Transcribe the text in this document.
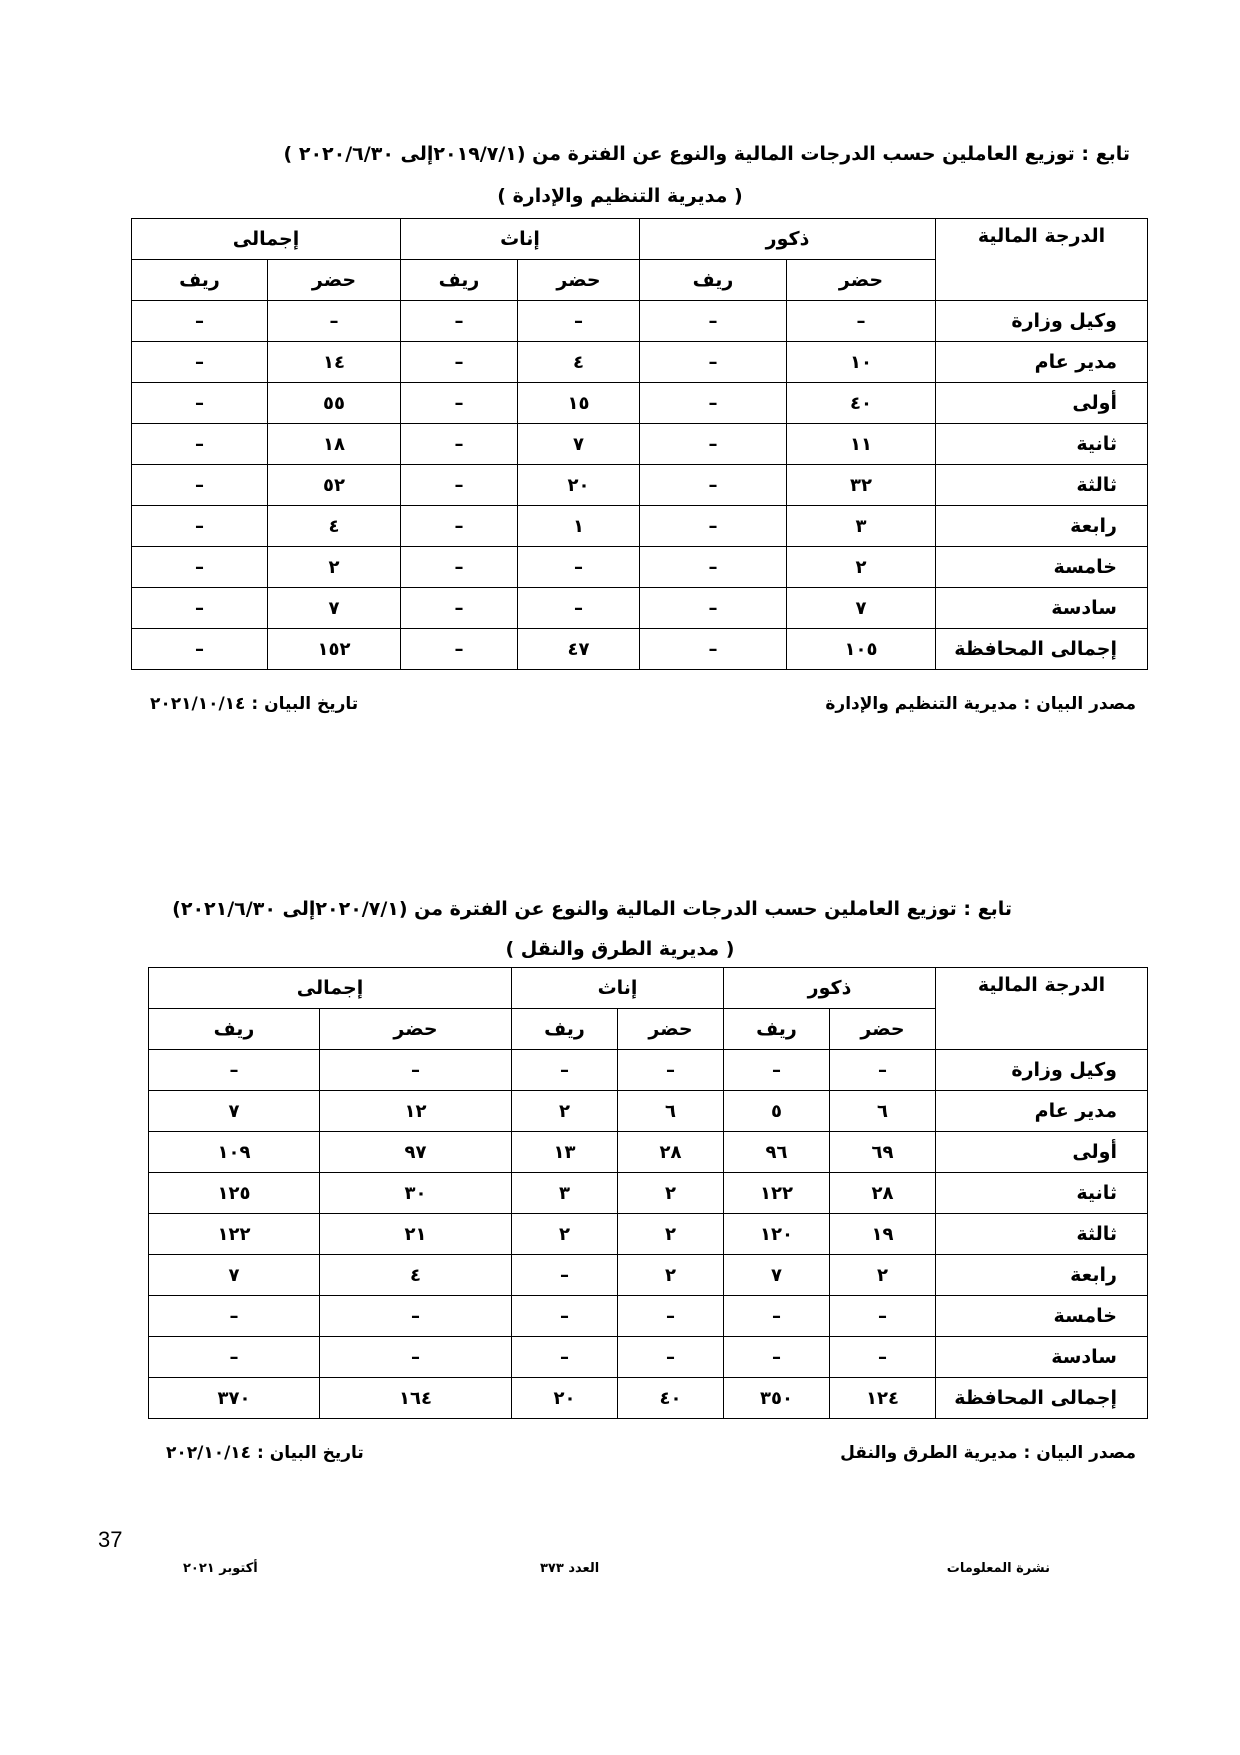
تابع : توزيع العاملين حسب الدرجات المالية والنوع عن الفترة من (٢٠١٩/٧/١إلى ٢٠٢٠/٦/٣٠ )
( مديرية التنظيم والإدارة )
الدرجة المالية	ذكور		إناث		إجمالى	
	حضر	ريف	حضر	ريف	حضر	ريف
وكيل وزارة	–	–	–	–	–	–
مدير عام	١٠	–	٤	–	١٤	–
أولى	٤٠	–	١٥	–	٥٥	–
ثانية	١١	–	٧	–	١٨	–
ثالثة	٣٢	–	٢٠	–	٥٢	–
رابعة	٣	–	١	–	٤	–
خامسة	٢	–	–	–	٢	–
سادسة	٧	–	–	–	٧	–
إجمالى المحافظة	١٠٥	–	٤٧	–	١٥٢	–
مصدر البيان : مديرية التنظيم والإدارة
تاريخ البيان : ٢٠٢١/١٠/١٤
تابع : توزيع العاملين حسب الدرجات المالية والنوع عن الفترة من (٢٠٢٠/٧/١إلى ٢٠٢١/٦/٣٠)
( مديرية الطرق والنقل )
الدرجة المالية	ذكور		إناث		إجمالى	
	حضر	ريف	حضر	ريف	حضر	ريف
وكيل وزارة	–	–	–	–	–	–
مدير عام	٦	٥	٦	٢	١٢	٧
أولى	٦٩	٩٦	٢٨	١٣	٩٧	١٠٩
ثانية	٢٨	١٢٢	٢	٣	٣٠	١٢٥
ثالثة	١٩	١٢٠	٢	٢	٢١	١٢٢
رابعة	٢	٧	٢	–	٤	٧
خامسة	–	–	–	–	–	–
سادسة	–	–	–	–	–	–
إجمالى المحافظة	١٢٤	٣٥٠	٤٠	٢٠	١٦٤	٣٧٠
مصدر البيان : مديرية الطرق والنقل
تاريخ البيان : ٢٠٢/١٠/١٤
37
نشرة المعلومات
العدد ٣٧٣
أكتوبر ٢٠٢١
